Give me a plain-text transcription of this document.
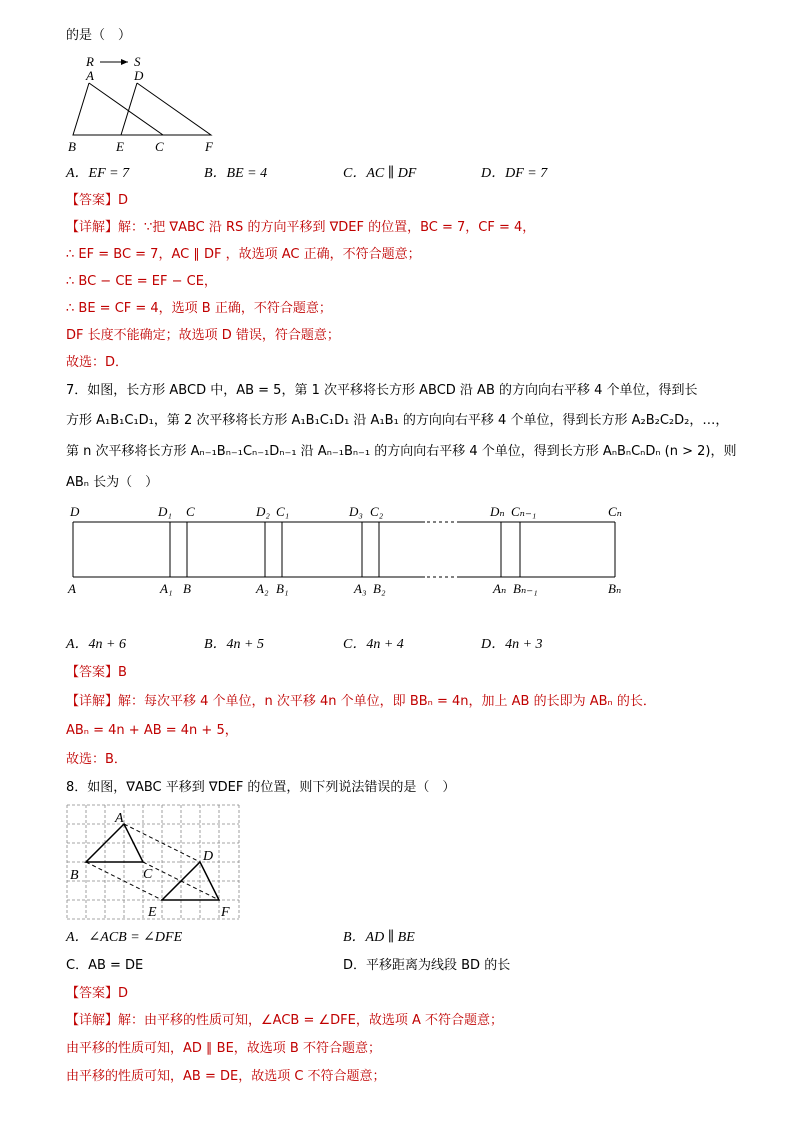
的是（　）
R	S
A	D
B	E C	F
A．EF = 7	B．BE = 4	C．AC ∥ DF	D．DF = 7
【答案】D
【详解】解：∵把 ∇ABC 沿 RS 的方向平移到 ∇DEF 的位置，BC = 7，CF = 4，
∴ EF = BC = 7，AC ∥ DF ，故选项 AC 正确，不符合题意；
∴ BC − CE = EF − CE，
∴ BE = CF = 4，选项 B 正确，不符合题意；
DF 长度不能确定；故选项 D 错误，符合题意；
故选：D．
7．如图，长方形 ABCD 中，AB = 5，第 1 次平移将长方形 ABCD 沿 AB 的方向向右平移 4 个单位，得到长
方形 A₁B₁C₁D₁，第 2 次平移将长方形 A₁B₁C₁D₁ 沿 A₁B₁ 的方向向右平移 4 个单位，得到长方形 A₂B₂C₂D₂，…，
第 n 次平移将长方形 Aₙ₋₁Bₙ₋₁Cₙ₋₁Dₙ₋₁ 沿 Aₙ₋₁Bₙ₋₁ 的方向向右平移 4 个单位，得到长方形 AₙBₙCₙDₙ (n > 2)，则
ABₙ 长为（　）
D	D₁ C	D₂ C₁	D₃ C₂	Dₙ Cₙ₋₁	Cₙ
A	A₁ B	A₂ B₁	A₃ B₂	Aₙ Bₙ₋₁	Bₙ
A．4n + 6	B．4n + 5	C．4n + 4	D．4n + 3
【答案】B
【详解】解：每次平移 4 个单位，n 次平移 4n 个单位，即 BBₙ = 4n，加上 AB 的长即为 ABₙ 的长．
ABₙ = 4n + AB = 4n + 5，
故选：B．
8．如图，∇ABC 平移到 ∇DEF 的位置，则下列说法错误的是（　）
A
B	C
D
E	F
A．∠ACB = ∠DFE	B．AD ∥ BE
C．AB = DE	D．平移距离为线段 BD 的长
【答案】D
【详解】解：由平移的性质可知，∠ACB = ∠DFE，故选项 A 不符合题意；
由平移的性质可知，AD ∥ BE，故选项 B 不符合题意；
由平移的性质可知，AB = DE，故选项 C 不符合题意；
